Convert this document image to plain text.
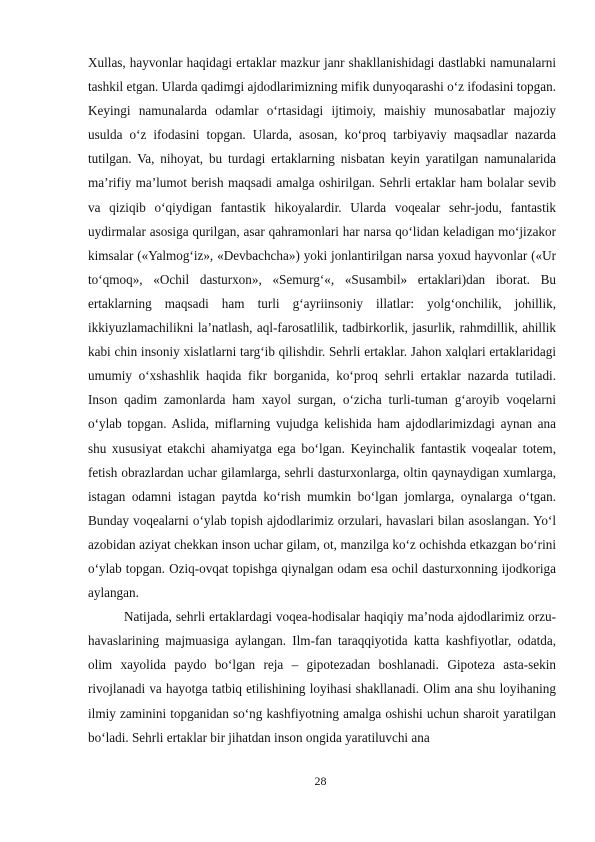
Xullas, hayvonlar haqidagi ertaklar mazkur janr shakllanishidagi dastlabki namunalarni tashkil etgan. Ularda qadimgi ajdodlarimizning mifik dunyoqarashi o‘z ifodasini topgan. Keyingi namunalarda odamlar o‘rtasidagi ijtimoiy, maishiy munosabatlar majoziy usulda o‘z ifodasini topgan. Ularda, asosan, ko‘proq tarbiyaviy maqsadlar nazarda tutilgan. Va, nihoyat, bu turdagi ertaklarning nisbatan keyin yaratilgan namunalarida ma’rifiy ma’lumot berish maqsadi amalga oshirilgan. Sehrli ertaklar ham bolalar sevib va qiziqib o‘qiydigan fantastik hikoyalardir. Ularda voqealar sehr-jodu, fantastik uydirmalar asosiga qurilgan, asar qahramonlari har narsa qo‘lidan keladigan mo‘jizakor kimsalar («Yalmog‘iz», «Devbachcha») yoki jonlantirilgan narsa yoxud hayvonlar («Ur to‘qmoq», «Ochil dasturxon», «Semurg‘«, «Susambil» ertaklari)dan iborat. Bu ertaklarning maqsadi ham turli g‘ayriinsoniy illatlar: yolg‘onchilik, johillik, ikkiyuzlamachilikni la’natlash, aql-farosatlilik, tadbirkorlik, jasurlik, rahmdillik, ahillik kabi chin insoniy xislatlarni targ‘ib qilishdir. Sehrli ertaklar. Jahon xalqlari ertaklaridagi umumiy o‘xshashlik haqida fikr borganida, ko‘proq sehrli ertaklar nazarda tutiladi. Inson qadim zamonlarda ham xayol surgan, o‘zicha turli-tuman g‘aroyib voqelarni o‘ylab topgan. Aslida, miflarning vujudga kelishida ham ajdodlarimizdagi aynan ana shu xususiyat etakchi ahamiyatga ega bo‘lgan. Keyinchalik fantastik voqealar totem, fetish obrazlardan uchar gilamlarga, sehrli dasturxonlarga, oltin qaynaydigan xumlarga, istagan odamni istagan paytda ko‘rish mumkin bo‘lgan jomlarga, oynalarga o‘tgan. Bunday voqealarni o‘ylab topish ajdodlarimiz orzulari, havaslari bilan asoslangan. Yo‘l azobidan aziyat chekkan inson uchar gilam, ot, manzilga ko‘z ochishda etkazgan bo‘rini o‘ylab topgan. Oziq-ovqat topishga qiynalgan odam esa ochil dasturxonning ijodkoriga aylangan.

Natijada, sehrli ertaklardagi voqea-hodisalar haqiqiy ma’noda ajdodlarimiz orzu-havaslarining majmuasiga aylangan. Ilm-fan taraqqiyotida katta kashfiyotlar, odatda, olim xayolida paydo bo‘lgan reja – gipotezadan boshlanadi. Gipoteza asta-sekin rivojlanadi va hayotga tatbiq etilishining loyihasi shakllanadi. Olim ana shu loyihaning ilmiy zaminini topganidan so‘ng kashfiyotning amalga oshishi uchun sharoit yaratilgan bo‘ladi. Sehrli ertaklar bir jihatdan inson ongida yaratiluvchi ana

28
